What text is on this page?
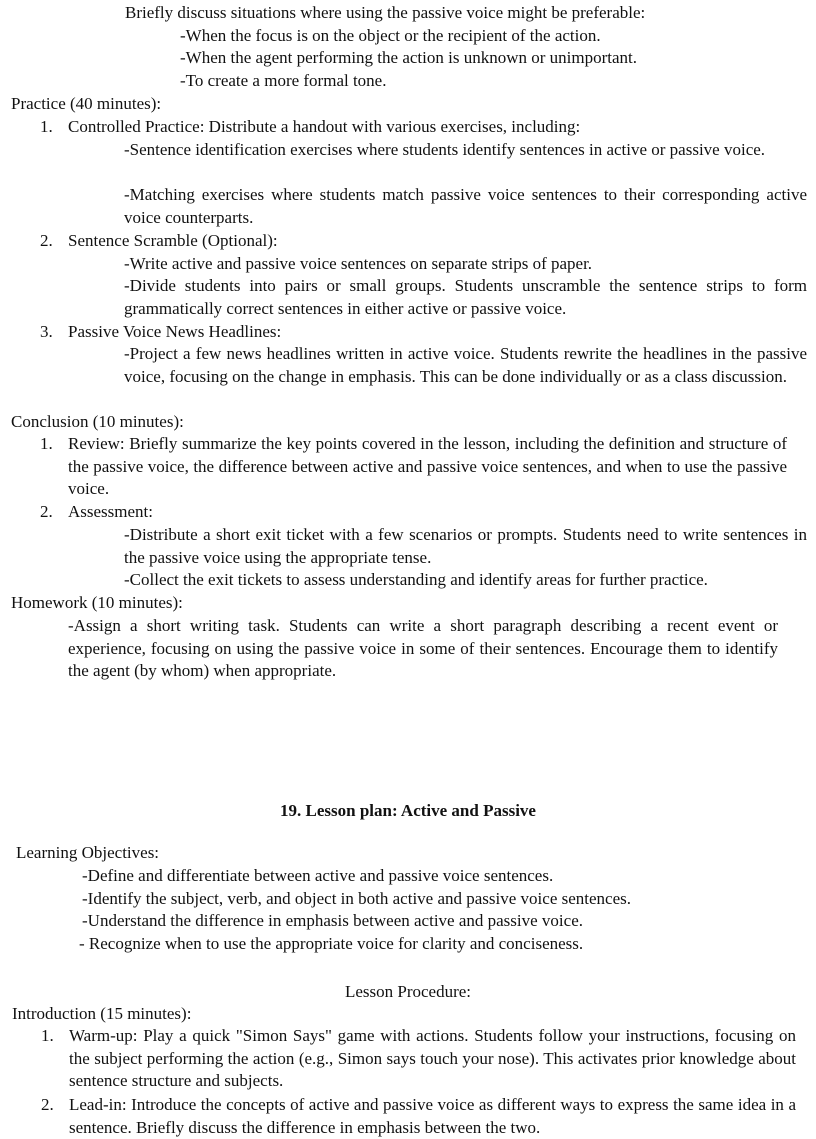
Briefly discuss situations where using the passive voice might be preferable:
-When the focus is on the object or the recipient of the action.
-When the agent performing the action is unknown or unimportant.
-To create a more formal tone.
Practice (40 minutes):
1. Controlled Practice: Distribute a handout with various exercises, including:
-Sentence identification exercises where students identify sentences in active or passive voice.
-Matching exercises where students match passive voice sentences to their corresponding active voice counterparts.
2. Sentence Scramble (Optional):
-Write active and passive voice sentences on separate strips of paper.
-Divide students into pairs or small groups. Students unscramble the sentence strips to form grammatically correct sentences in either active or passive voice.
3. Passive Voice News Headlines:
-Project a few news headlines written in active voice. Students rewrite the headlines in the passive voice, focusing on the change in emphasis. This can be done individually or as a class discussion.
Conclusion (10 minutes):
1. Review: Briefly summarize the key points covered in the lesson, including the definition and structure of the passive voice, the difference between active and passive voice sentences, and when to use the passive voice.
2. Assessment:
-Distribute a short exit ticket with a few scenarios or prompts. Students need to write sentences in the passive voice using the appropriate tense.
-Collect the exit tickets to assess understanding and identify areas for further practice.
Homework (10 minutes):
-Assign a short writing task. Students can write a short paragraph describing a recent event or experience, focusing on using the passive voice in some of their sentences. Encourage them to identify the agent (by whom) when appropriate.
19. Lesson plan: Active and Passive
Learning Objectives:
-Define and differentiate between active and passive voice sentences.
-Identify the subject, verb, and object in both active and passive voice sentences.
-Understand the difference in emphasis between active and passive voice.
- Recognize when to use the appropriate voice for clarity and conciseness.
Lesson Procedure:
Introduction (15 minutes):
1. Warm-up: Play a quick "Simon Says" game with actions. Students follow your instructions, focusing on the subject performing the action (e.g., Simon says touch your nose). This activates prior knowledge about sentence structure and subjects.
2. Lead-in: Introduce the concepts of active and passive voice as different ways to express the same idea in a sentence. Briefly discuss the difference in emphasis between the two.
